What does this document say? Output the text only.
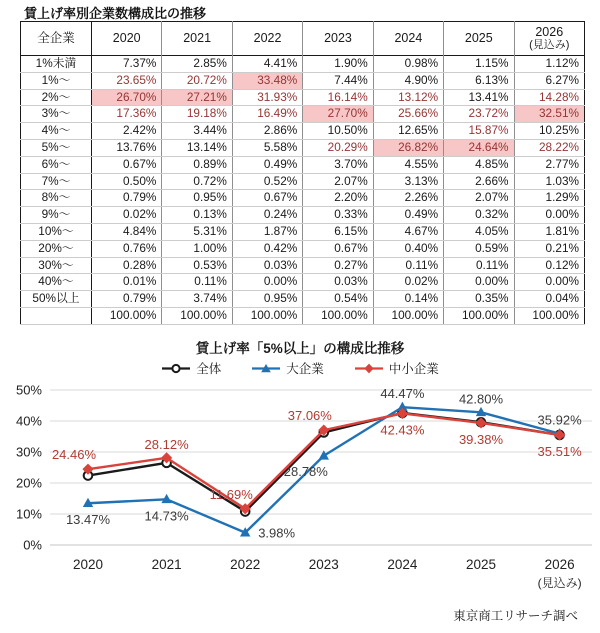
賃上げ率別企業数構成比の推移
全企業	2020	2021	2022	2023	2024	2025	2026
(見込み)

1%未満	7.37%	2.85%	4.41%	1.90%	0.98%	1.15%	1.12%
1%〜	23.65%	20.72%	33.48%	7.44%	4.90%	6.13%	6.27%
2%〜	26.70%	27.21%	31.93%	16.14%	13.12%	13.41%	14.28%
3%〜	17.36%	19.18%	16.49%	27.70%	25.66%	23.72%	32.51%
4%〜	2.42%	3.44%	2.86%	10.50%	12.65%	15.87%	10.25%
5%〜	13.76%	13.14%	5.58%	20.29%	26.82%	24.64%	28.22%
6%〜	0.67%	0.89%	0.49%	3.70%	4.55%	4.85%	2.77%
7%〜	0.50%	0.72%	0.52%	2.07%	3.13%	2.66%	1.03%
8%〜	0.79%	0.95%	0.67%	2.20%	2.26%	2.07%	1.29%
9%〜	0.02%	0.13%	0.24%	0.33%	0.49%	0.32%	0.00%
10%〜	4.84%	5.31%	1.87%	6.15%	4.67%	4.05%	1.81%
20%〜	0.76%	1.00%	0.42%	0.67%	0.40%	0.59%	0.21%
30%〜	0.28%	0.53%	0.03%	0.27%	0.11%	0.11%	0.12%
40%〜	0.01%	0.11%	0.00%	0.03%	0.02%	0.00%	0.00%
50%以上	0.79%	3.74%	0.95%	0.54%	0.14%	0.35%	0.04%
	100.00%	100.00%	100.00%	100.00%	100.00%	100.00%	100.00%
賃上げ率「5%以上」の構成比推移
全体	大企業	中小企業
0%
10%
20%
30%
40%
50%
2020	2021	2022	2023	2024	2025	2026
(見込み)
13.47%	14.73%
3.98%
28.78%
44.47%	42.80%
35.92%
24.46%
28.12%
11.69%
37.06%
42.43%
39.38%
35.51%
東京商工リサーチ調べ
